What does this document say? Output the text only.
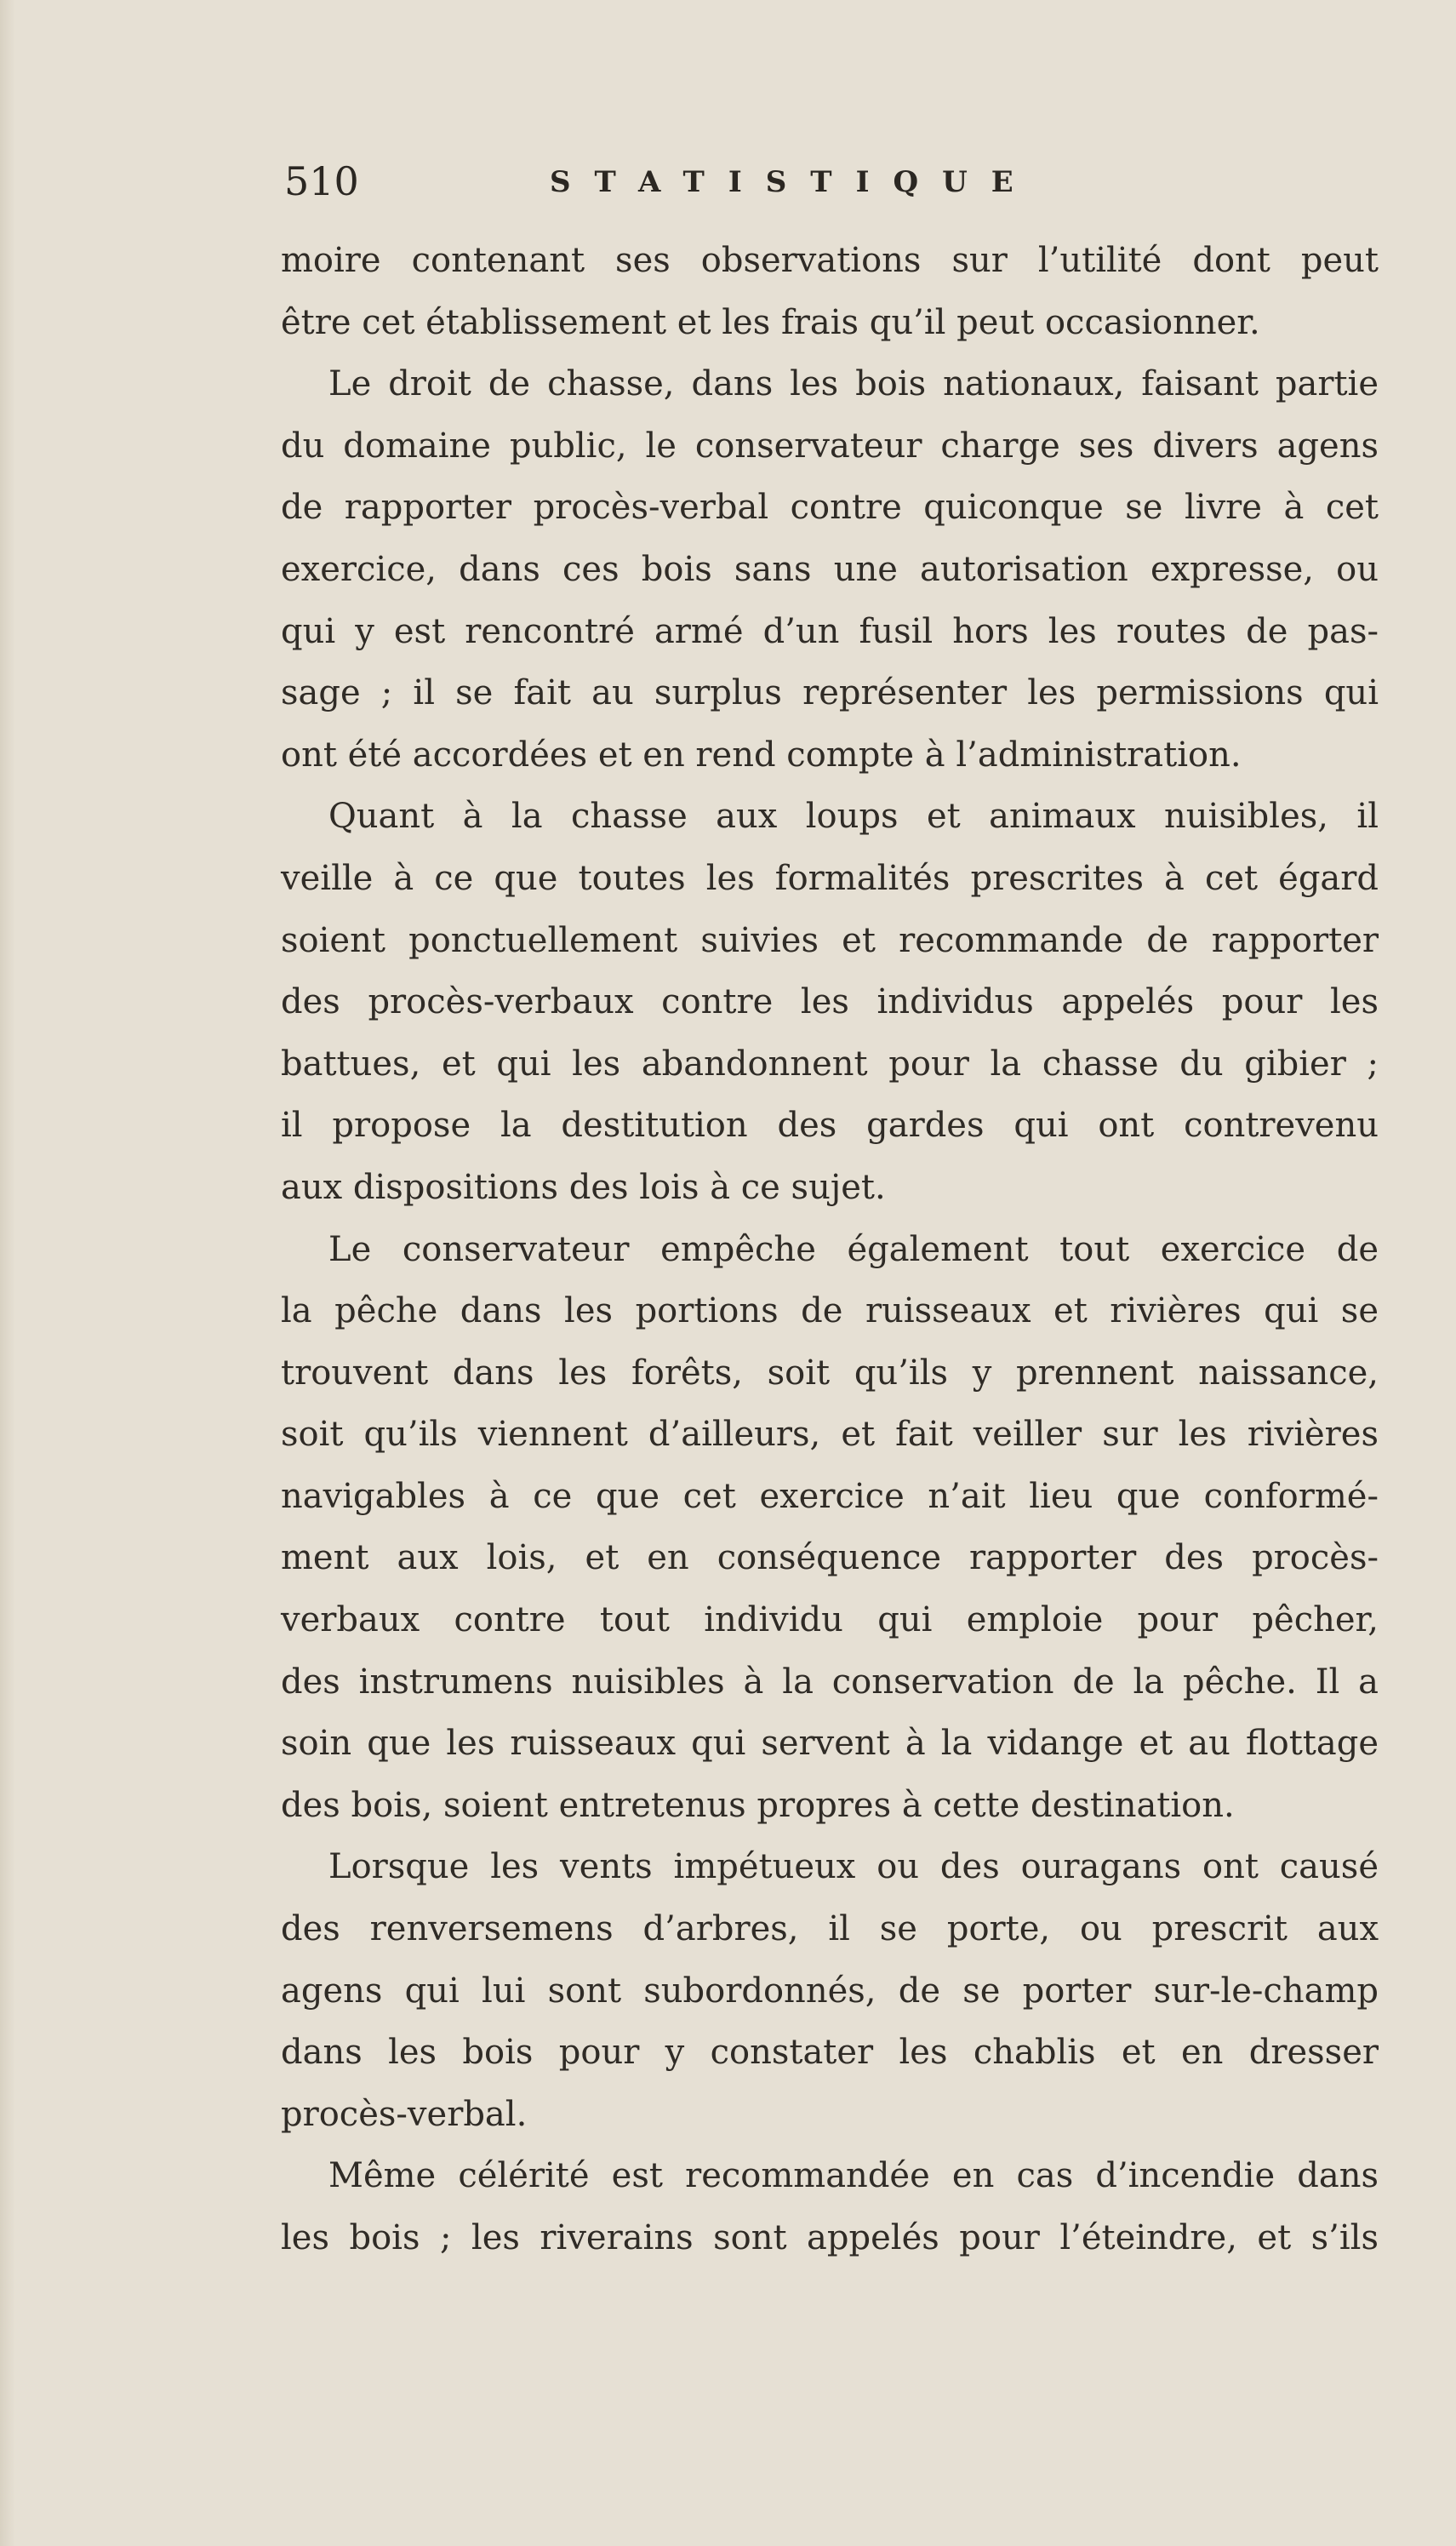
510	STATISTIQUE
moire contenant ses observations sur l’utilité dont peut
être cet établissement et les frais qu’il peut occasionner.
Le droit de chasse, dans les bois nationaux, faisant partie
du domaine public, le conservateur charge ses divers agens
de rapporter procès-verbal contre quiconque se livre à cet
exercice, dans ces bois sans une autorisation expresse, ou
qui y est rencontré armé d’un fusil hors les routes de pas-
sage ; il se fait au surplus représenter les permissions qui
ont été accordées et en rend compte à l’administration.
Quant à la chasse aux loups et animaux nuisibles, il
veille à ce que toutes les formalités prescrites à cet égard
soient ponctuellement suivies et recommande de rapporter
des procès-verbaux contre les individus appelés pour les
battues, et qui les abandonnent pour la chasse du gibier ;
il propose la destitution des gardes qui ont contrevenu
aux dispositions des lois à ce sujet.
Le conservateur empêche également tout exercice de
la pêche dans les portions de ruisseaux et rivières qui se
trouvent dans les forêts, soit qu’ils y prennent naissance,
soit qu’ils viennent d’ailleurs, et fait veiller sur les rivières
navigables à ce que cet exercice n’ait lieu que conformé-
ment aux lois, et en conséquence rapporter des procès-
verbaux contre tout individu qui emploie pour pêcher,
des instrumens nuisibles à la conservation de la pêche. Il a
soin que les ruisseaux qui servent à la vidange et au flottage
des bois, soient entretenus propres à cette destination.
Lorsque les vents impétueux ou des ouragans ont causé
des renversemens d’arbres, il se porte, ou prescrit aux
agens qui lui sont subordonnés, de se porter sur-le-champ
dans les bois pour y constater les chablis et en dresser
procès-verbal.
Même célérité est recommandée en cas d’incendie dans
les bois ; les riverains sont appelés pour l’éteindre, et s’ils
